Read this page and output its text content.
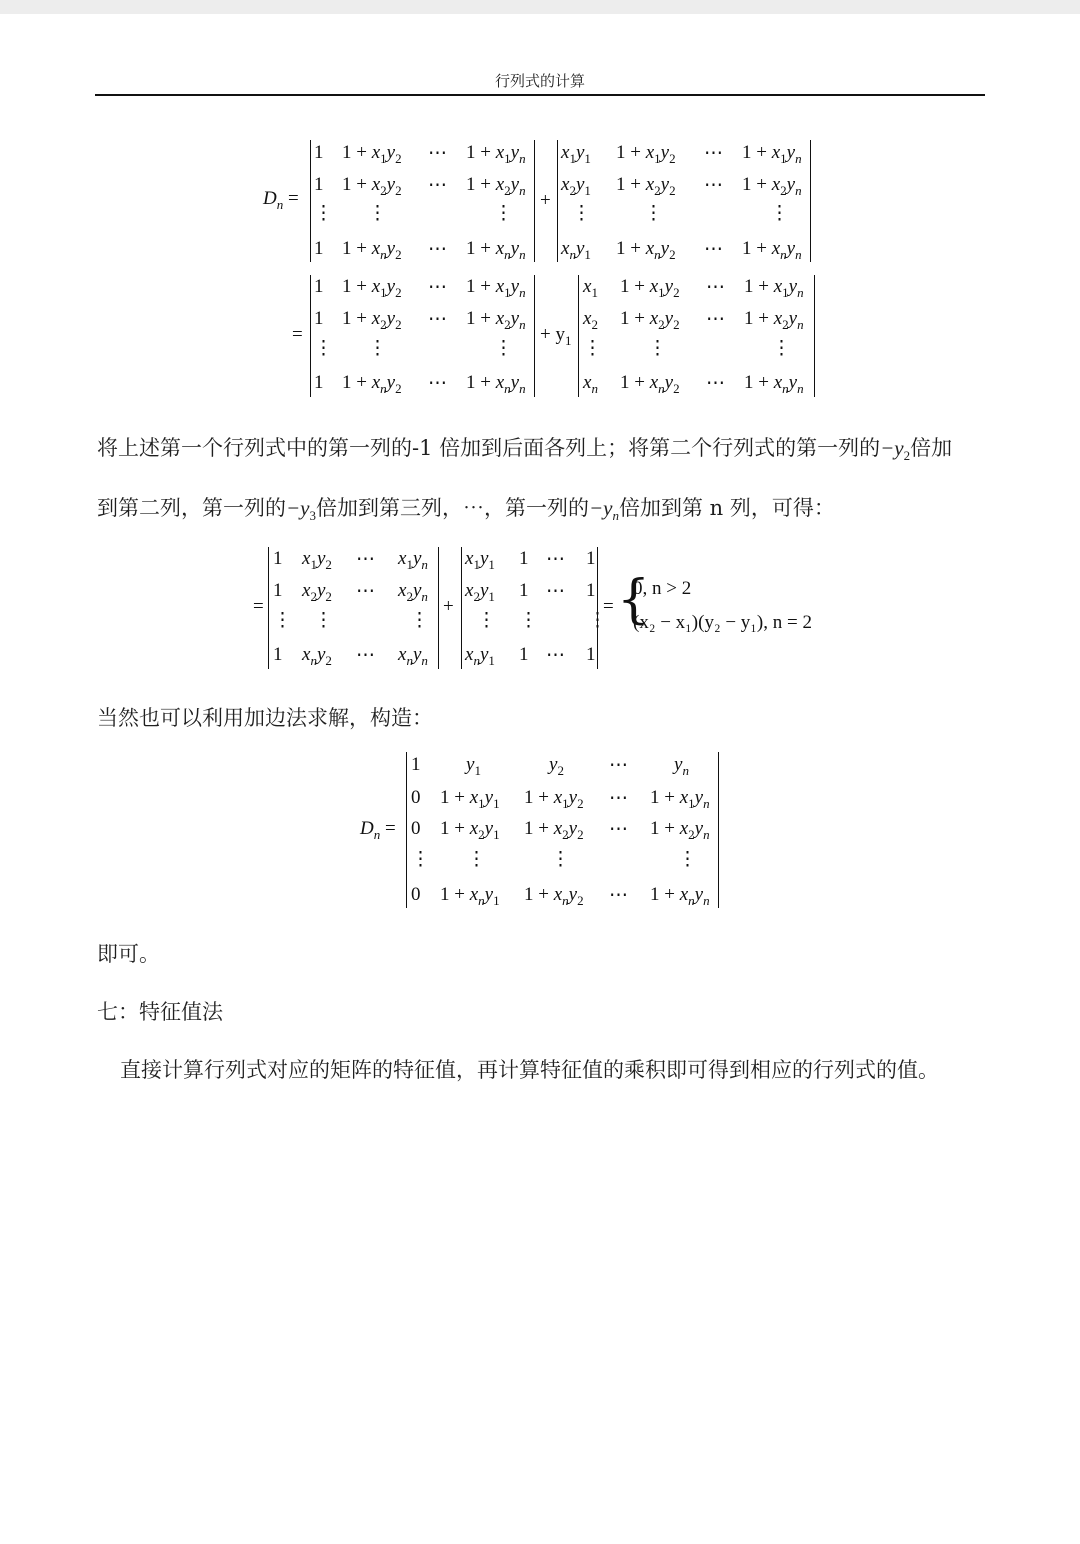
行列式的计算
$D_n$ =
1 $1 + x_1y_2$ ⋯ $1 + x_1y_n$
1 $1 + x_2y_2$ ⋯ $1 + x_2y_n$
⋮ ⋮	⋮
1 $1 + x_ny_2$ ⋯ $1 + x_ny_n$
+
$x_1y_1$ $1 + x_1y_2$ ⋯ $1 + x_1y_n$
$x_2y_1$ $1 + x_2y_2$ ⋯ $1 + x_2y_n$
⋮	⋮	⋮
$x_ny_1$ $1 + x_ny_2$ ⋯ $1 + x_ny_n$
=
1 $1 + x_1y_2$ ⋯ $1 + x_1y_n$
1 $1 + x_2y_2$ ⋯ $1 + x_2y_n$
⋮ ⋮	⋮
1 $1 + x_ny_2$ ⋯ $1 + x_ny_n$
+ $y_1$
$x_1$ $1 + x_1y_2$ ⋯ $1 + x_1y_n$
$x_2$ $1 + x_2y_2$ ⋯ $1 + x_2y_n$
⋮ ⋮	⋮
$x_n$ $1 + x_ny_2$ ⋯ $1 + x_ny_n$
将上述第一个行列式中的第一列的-1 倍加到后面各列上；将第二个行列式的第一列的$-y_2$倍加
到第二列，第一列的$-y_3$倍加到第三列，⋯，第一列的$-y_n$倍加到第 n 列，可得：
=
1 $x_1y_2$ ⋯ $x_1y_n$
1 $x_2y_2$ ⋯ $x_2y_n$
⋮ ⋮	⋮
1 $x_ny_2$ ⋯ $x_ny_n$
+
$x_1y_1$ 1 ⋯ 1
$x_2y_1$ 1 ⋯ 1
⋮ ⋮	⋮
$x_ny_1$ 1 ⋯ 1
= {
0, n > 2
(x₂ − x₁)(y₂ − y₁), n = 2
当然也可以利用加边法求解，构造：
$D_n$ =
1 $y_1$	$y_2$ ⋯ $y_n$
0 $1 + x_1y_1$ $1 + x_1y_2$ ⋯ $1 + x_1y_n$
0 $1 + x_2y_1$ $1 + x_2y_2$ ⋯ $1 + x_2y_n$
⋮ ⋮	⋮	⋮
0 $1 + x_ny_1$ $1 + x_ny_2$ ⋯ $1 + x_ny_n$
即可。
七：特征值法
直接计算行列式对应的矩阵的特征值，再计算特征值的乘积即可得到相应的行列式的值。
